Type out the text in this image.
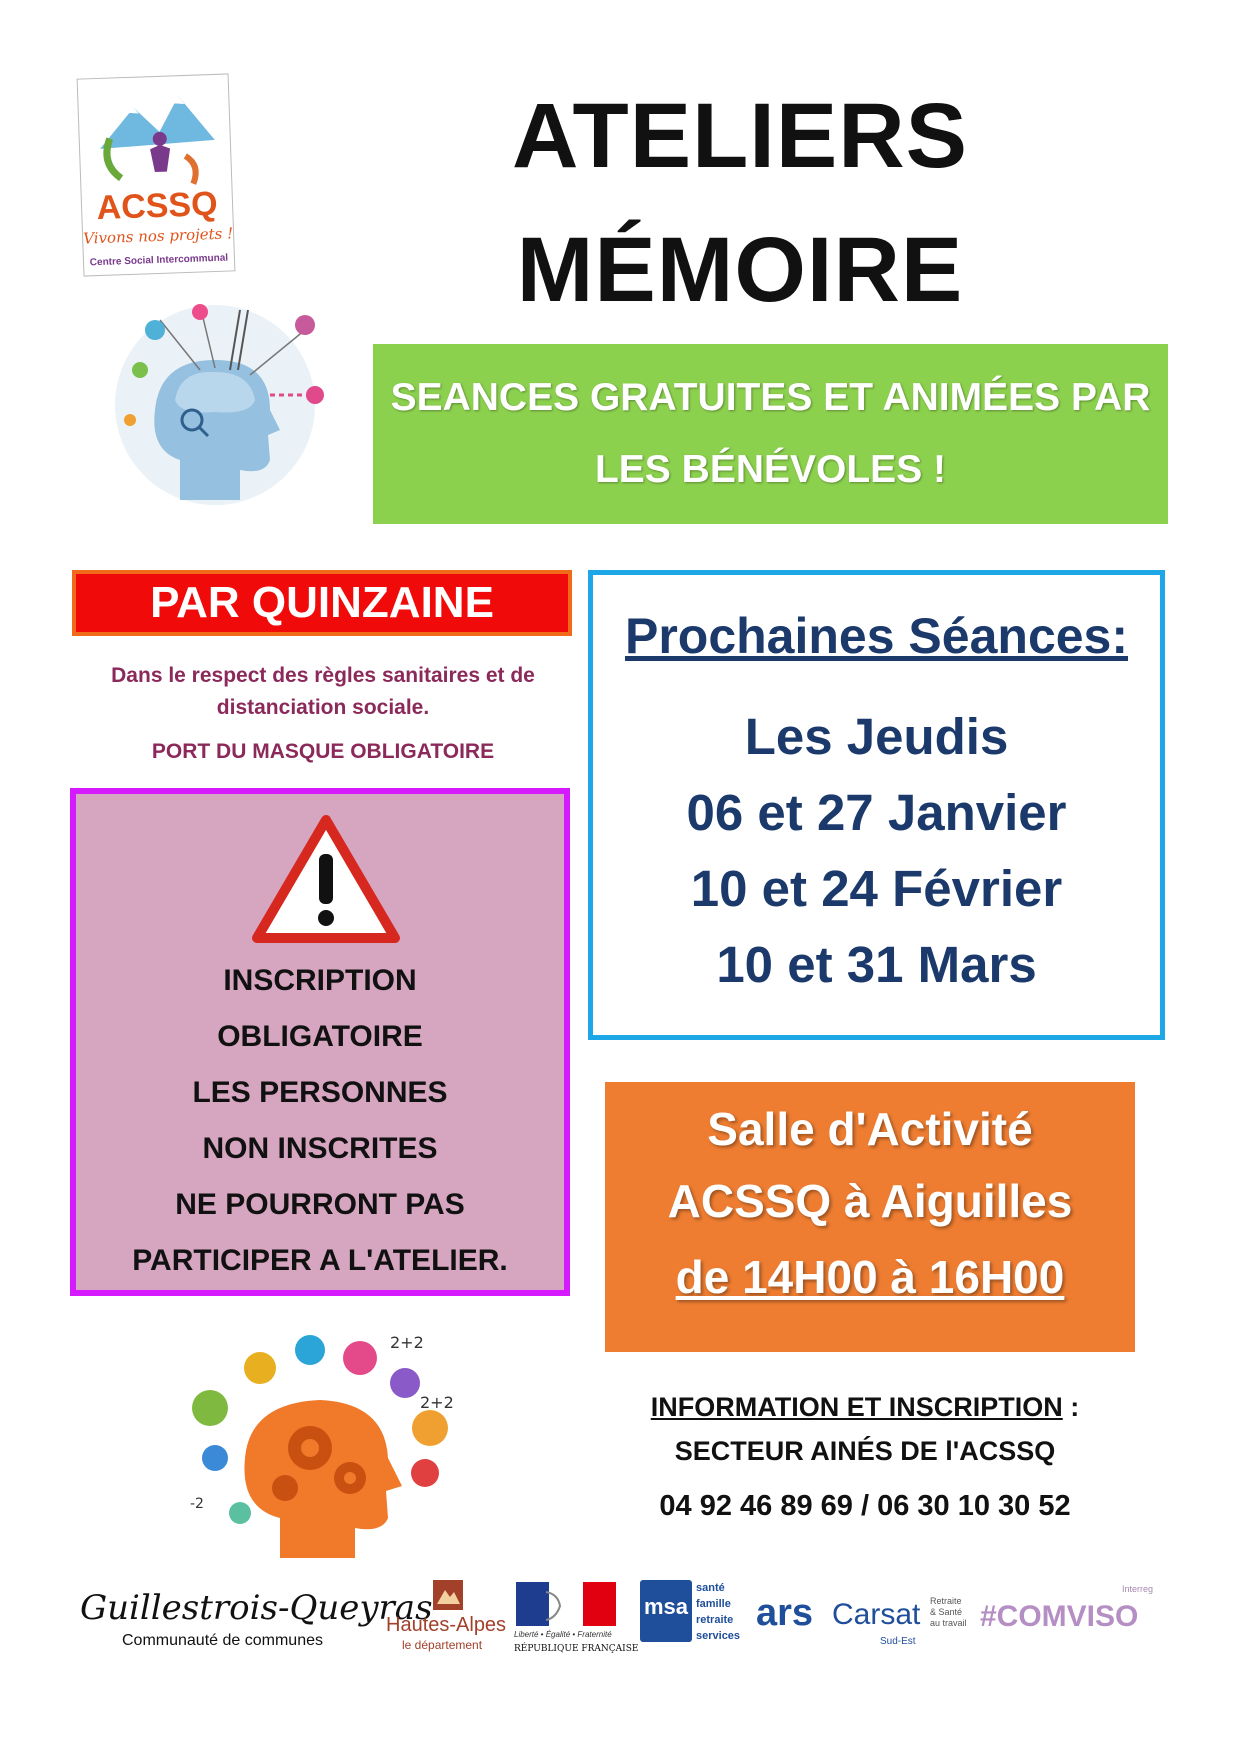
ACSSQ
Vivons nos projets !
Centre Social Intercommunal
ATELIERS
MÉMOIRE
SEANCES GRATUITES ET ANIMÉES PAR
LES BÉNÉVOLES !
PAR QUINZAINE
Dans le respect des règles sanitaires et de
distanciation sociale.
PORT DU MASQUE OBLIGATOIRE
INSCRIPTION
OBLIGATOIRE
LES PERSONNES
NON INSCRITES
NE POURRONT PAS
PARTICIPER A L'ATELIER.
Prochaines Séances:
Les Jeudis
06 et 27 Janvier
10 et 24 Février
10 et 31 Mars
Salle d'Activité
ACSSQ à Aiguilles
de 14H00 à 16H00
2+2
2+2
-2
INFORMATION ET INSCRIPTION :
SECTEUR AINÉS DE l'ACSSQ
04 92 46 89 69 / 06 30 10 30 52
Guillestrois-Queyras
Communauté de communes
Hautes-Alpes
le département
Liberté • Égalité • Fraternité
RÉPUBLIQUE FRANÇAISE
msa
santé
famille
retraite
services
ars Carsat Retraite
& Santé
au travail
Sud-Est
Interreg
#COMVISO
